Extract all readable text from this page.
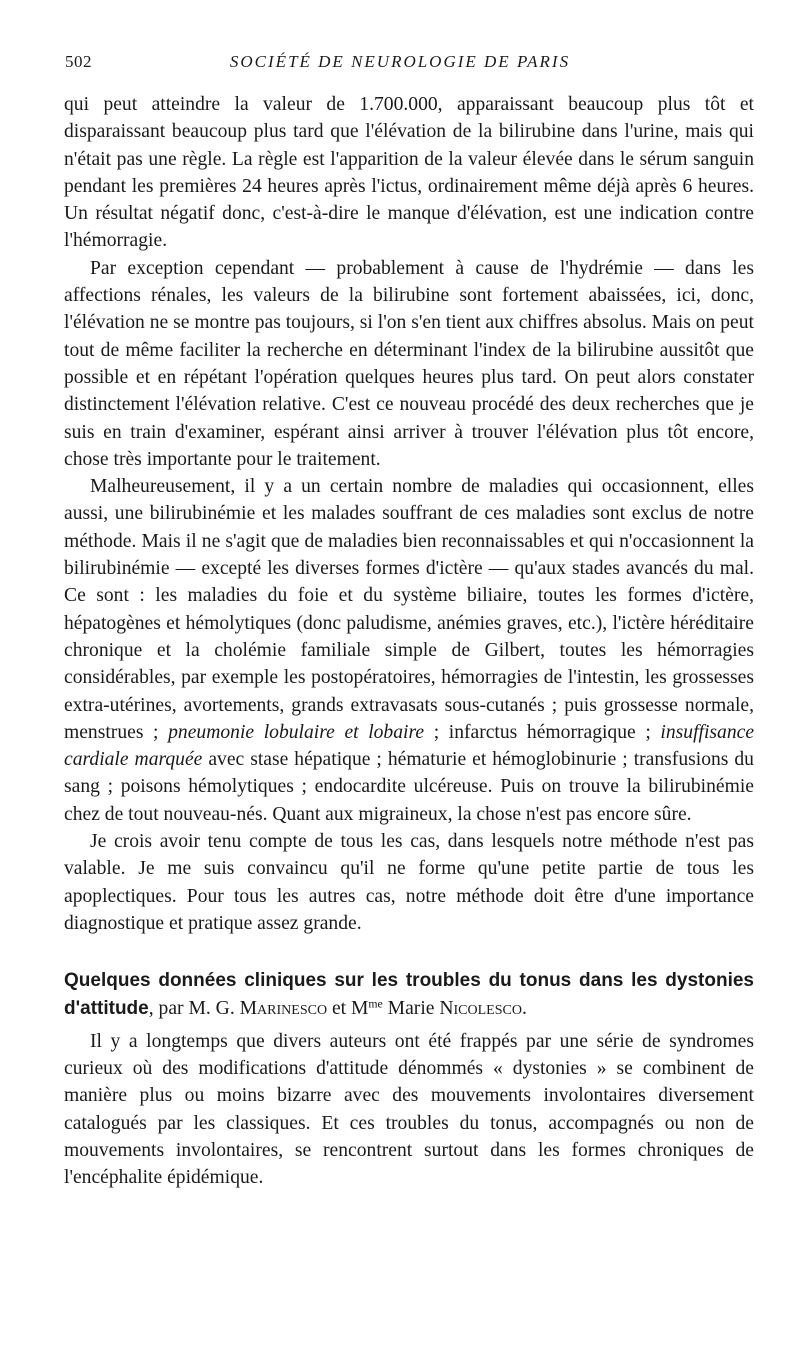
502	SOCIÉTÉ DE NEUROLOGIE DE PARIS

qui peut atteindre la valeur de 1.700.000, apparaissant beaucoup plus tôt et disparaissant beaucoup plus tard que l'élévation de la bilirubine dans l'urine, mais qui n'était pas une règle. La règle est l'apparition de la valeur élevée dans le sérum sanguin pendant les premières 24 heures après l'ictus, ordinairement même déjà après 6 heures. Un résultat négatif donc, c'est-à-dire le manque d'élévation, est une indication contre l'hémorragie.

Par exception cependant — probablement à cause de l'hydrémie — dans les affections rénales, les valeurs de la bilirubine sont fortement abaissées, ici, donc, l'élévation ne se montre pas toujours, si l'on s'en tient aux chiffres absolus. Mais on peut tout de même faciliter la recherche en déterminant l'index de la bilirubine aussitôt que possible et en répétant l'opération quelques heures plus tard. On peut alors constater distinctement l'élévation relative. C'est ce nouveau procédé des deux recherches que je suis en train d'examiner, espérant ainsi arriver à trouver l'élévation plus tôt encore, chose très importante pour le traitement.

Malheureusement, il y a un certain nombre de maladies qui occasionnent, elles aussi, une bilirubinémie et les malades souffrant de ces maladies sont exclus de notre méthode. Mais il ne s'agit que de maladies bien reconnaissables et qui n'occasionnent la bilirubinémie — excepté les diverses formes d'ictère — qu'aux stades avancés du mal. Ce sont : les maladies du foie et du système biliaire, toutes les formes d'ictère, hépatogènes et hémolytiques (donc paludisme, anémies graves, etc.), l'ictère héréditaire chronique et la cholémie familiale simple de Gilbert, toutes les hémorragies considérables, par exemple les postopératoires, hémorragies de l'intestin, les grossesses extra-utérines, avortements, grands extravasats sous-cutanés ; puis grossesse normale, menstrues ; pneumonie lobulaire et lobaire ; infarctus hémorragique ; insuffisance cardiale marquée avec stase hépatique ; hématurie et hémoglobinurie ; transfusions du sang ; poisons hémolytiques ; endocardite ulcéreuse. Puis on trouve la bilirubinémie chez de tout nouveau-nés. Quant aux migraineux, la chose n'est pas encore sûre.

Je crois avoir tenu compte de tous les cas, dans lesquels notre méthode n'est pas valable. Je me suis convaincu qu'il ne forme qu'une petite partie de tous les apoplectiques. Pour tous les autres cas, notre méthode doit être d'une importance diagnostique et pratique assez grande.

Quelques données cliniques sur les troubles du tonus dans les dystonies d'attitude, par M. G. Marinesco et $M^{me}$ Marie Nicolesco.

Il y a longtemps que divers auteurs ont été frappés par une série de syndromes curieux où des modifications d'attitude dénommés « dystonies » se combinent de manière plus ou moins bizarre avec des mouvements involontaires diversement catalogués par les classiques. Et ces troubles du tonus, accompagnés ou non de mouvements involontaires, se rencontrent surtout dans les formes chroniques de l'encéphalite épidémique.
